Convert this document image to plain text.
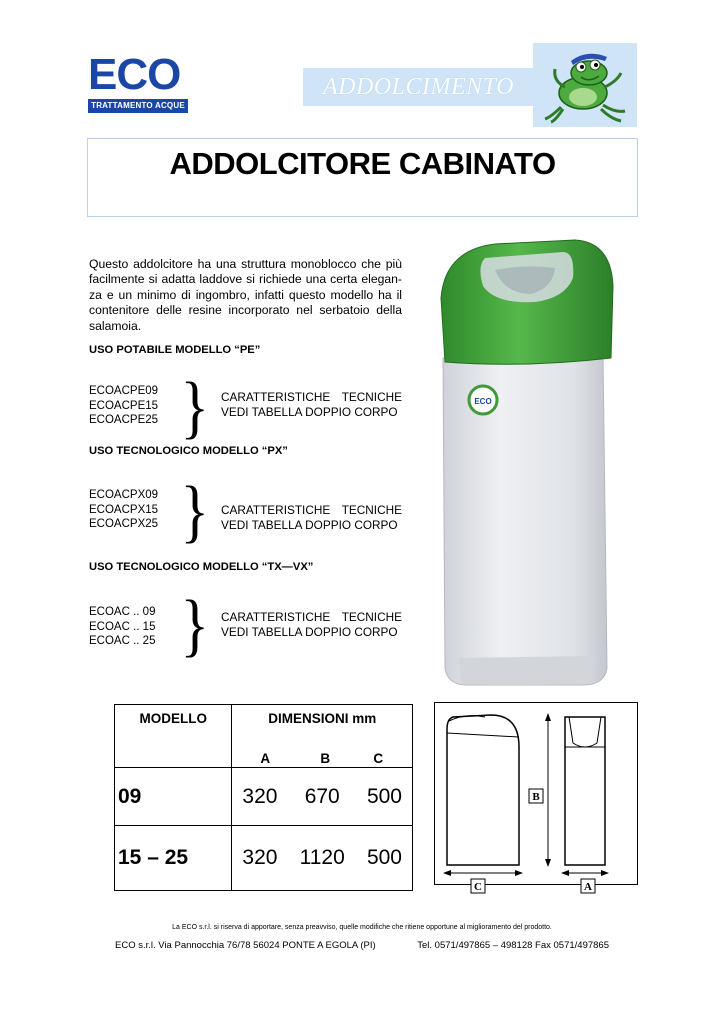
ECO
TRATTAMENTO ACQUE
ADDOLCIMENTO
ADDOLCITORE CABINATO
Questo addolcitore ha una struttura monoblocco che più facilmente si adatta laddove si richiede una certa elegan-za e un minimo di ingombro, infatti questo modello ha il contenitore delle resine incorporato nel serbatoio della salamoia.
USO POTABILE MODELLO “PE”
ECOACPE09
ECOACPE15
ECOACPE25 } CARATTERISTICHE TECNICHE
VEDI TABELLA DOPPIO CORPO
USO TECNOLOGICO MODELLO “PX”
ECOACPX09
ECOACPX15
ECOACPX25 } CARATTERISTICHE TECNICHE
VEDI TABELLA DOPPIO CORPO
USO TECNOLOGICO MODELLO “TX—VX”
ECOAC .. 09
ECOAC .. 15
ECOAC .. 25 } CARATTERISTICHE TECNICHE
VEDI TABELLA DOPPIO CORPO
ECO
MODELLO	DIMENSIONI mm
A B C

09	320 670 500

15 – 25	320 1120 500
B
C	A
La ECO s.r.l. si riserva di apportare, senza preavviso, quelle modifiche che ritiene opportune al miglioramento del prodotto.
ECO s.r.l. Via Pannocchia 76/78 56024 PONTE A EGOLA (PI)	Tel. 0571/497865 – 498128 Fax 0571/497865
